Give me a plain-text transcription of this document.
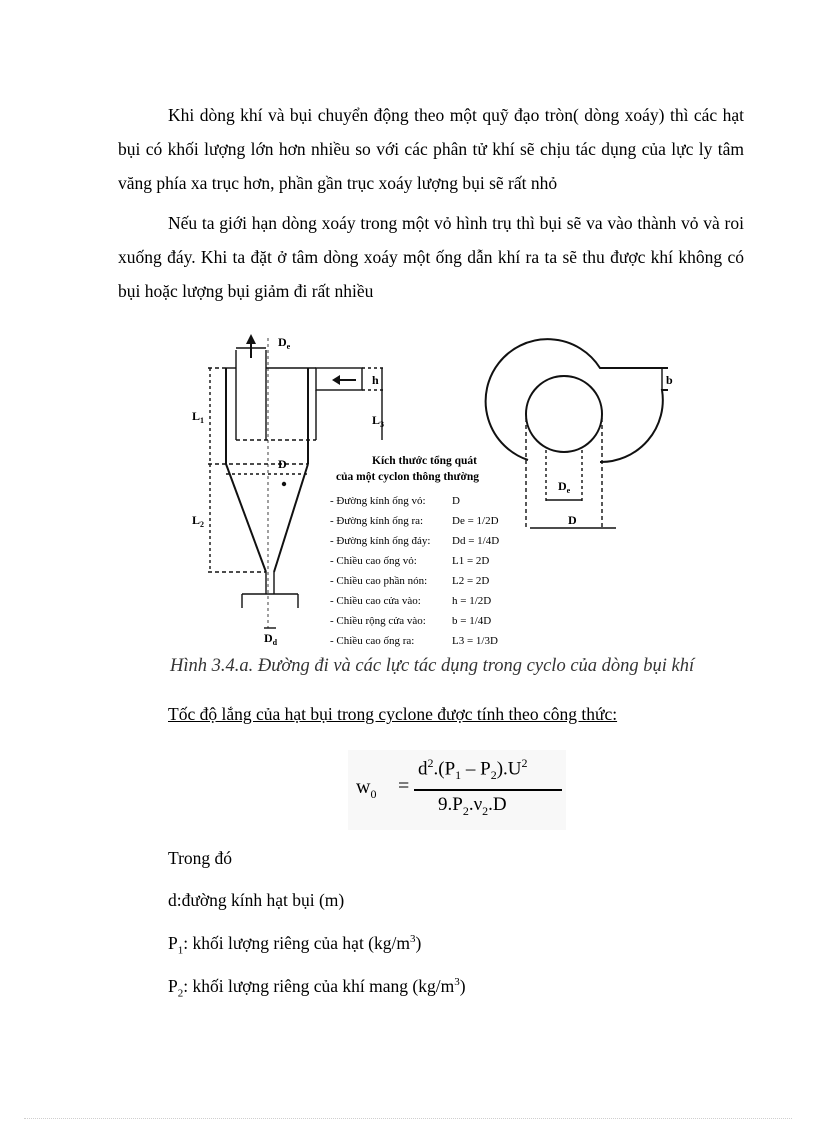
Khi dòng khí và bụi chuyển động theo một quỹ đạo tròn( dòng xoáy) thì các hạt bụi có khối lượng lớn hơn nhiều so với các phân tử khí sẽ chịu tác dụng của lực ly tâm văng phía xa trục hơn, phần gần trục xoáy lượng bụi sẽ rất nhỏ

Nếu ta giới hạn dòng xoáy trong một vỏ hình trụ thì bụi sẽ va vào thành vỏ và roi xuống đáy. Khi ta đặt ở tâm dòng xoáy một ống dẫn khí ra ta sẽ thu được khí không có bụi hoặc lượng bụi giảm đi rất nhiều

$D_e$
h
$L_3$
$L_1$
$L_2$
D
$D_d$
b
$D_e$
D
Kích thước tổng quát
của một cyclon thông thường
- Đường kính ống vỏ: D
- Đường kính ống ra:	De = 1/2D
- Đường kính ống đáy: Dd = 1/4D
- Chiều cao ống vỏ:	L1 = 2D
- Chiều cao phần nón: L2 = 2D
- Chiều cao cửa vào:	h = 1/2D
- Chiều rộng cửa vào: b = 1/4D
- Chiều cao ống ra:	L3 = 1/3D
Hình 3.4.a. Đường đi và các lực tác dụng trong cyclo của dòng bụi khí
Tốc độ lắng của hạt bụi trong cyclone được tính theo công thức:
$w_0$ =
$d^2.(P_1 - P_2).U^2$
$9.P_2.\nu_2.D$

Trong đó

d:đường kính hạt bụi (m)

$P_1$: khối lượng riêng của hạt $(kg/m^3)$

$P_2$: khối lượng riêng của khí mang $(kg/m^3)$
